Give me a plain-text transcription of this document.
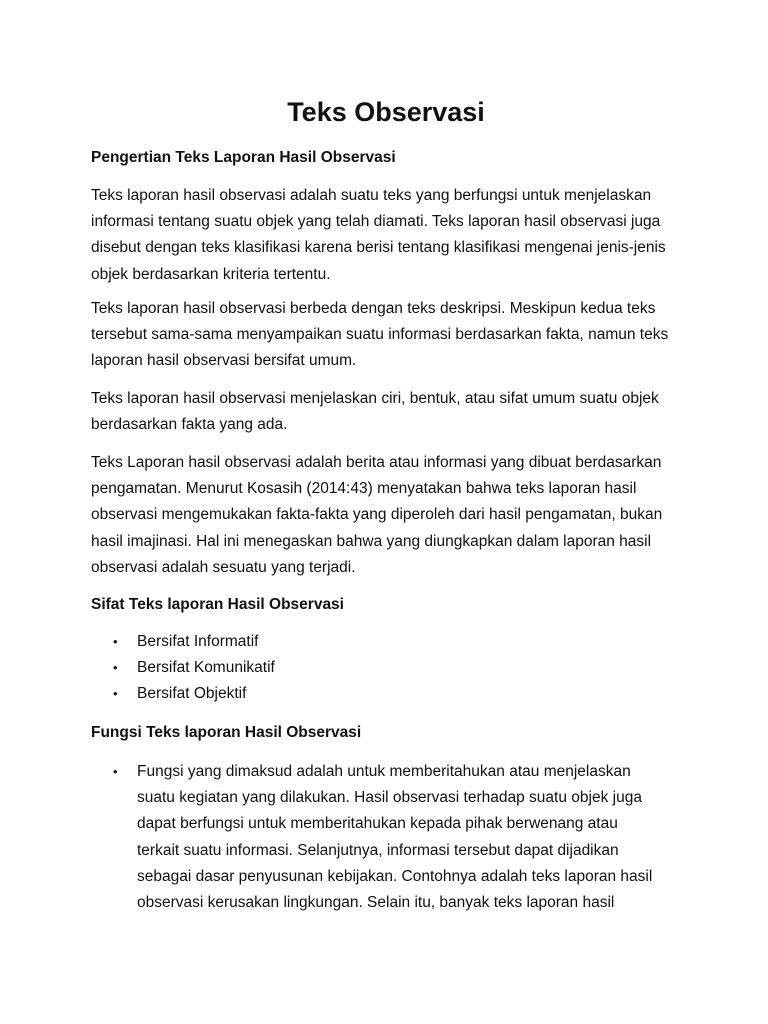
Teks Observasi
Pengertian Teks Laporan Hasil Observasi

Teks laporan hasil observasi adalah suatu teks yang berfungsi untuk menjelaskan informasi tentang suatu objek yang telah diamati. Teks laporan hasil observasi juga disebut dengan teks klasifikasi karena berisi tentang klasifikasi mengenai jenis-jenis objek berdasarkan kriteria tertentu.

Teks laporan hasil observasi berbeda dengan teks deskripsi. Meskipun kedua teks tersebut sama-sama menyampaikan suatu informasi berdasarkan fakta, namun teks laporan hasil observasi bersifat umum.

Teks laporan hasil observasi menjelaskan ciri, bentuk, atau sifat umum suatu objek berdasarkan fakta yang ada.

Teks Laporan hasil observasi adalah berita atau informasi yang dibuat berdasarkan pengamatan. Menurut Kosasih (2014:43) menyatakan bahwa teks laporan hasil observasi mengemukakan fakta-fakta yang diperoleh dari hasil pengamatan, bukan hasil imajinasi. Hal ini menegaskan bahwa yang diungkapkan dalam laporan hasil observasi adalah sesuatu yang terjadi.

Sifat Teks laporan Hasil Observasi
• Bersifat Informatif
• Bersifat Komunikatif
• Bersifat Objektif
Fungsi Teks laporan Hasil Observasi
• Fungsi yang dimaksud adalah untuk memberitahukan atau menjelaskan suatu kegiatan yang dilakukan. Hasil observasi terhadap suatu objek juga dapat berfungsi untuk memberitahukan kepada pihak berwenang atau terkait suatu informasi. Selanjutnya, informasi tersebut dapat dijadikan sebagai dasar penyusunan kebijakan. Contohnya adalah teks laporan hasil observasi kerusakan lingkungan. Selain itu, banyak teks laporan hasil
